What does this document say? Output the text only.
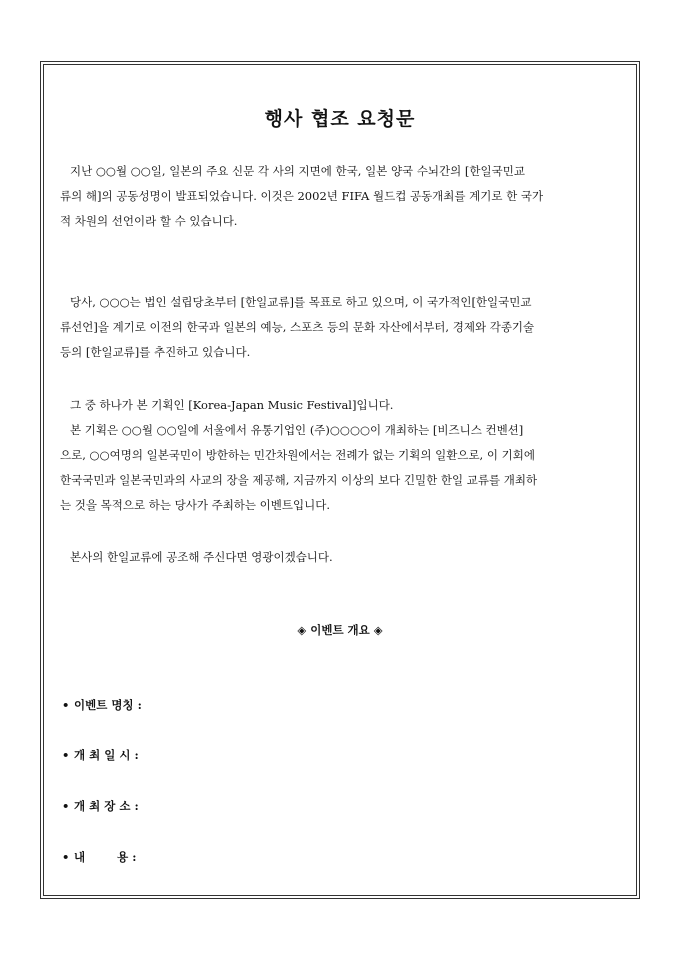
행사 협조 요청문

지난 ○○월 ○○일, 일본의 주요 신문 각 사의 지면에 한국, 일본 양국 수뇌간의 [한일국민교
류의 해]의 공동성명이 발표되었습니다. 이것은 2002년 FIFA 월드컵 공동개최를 계기로 한 국가
적 차원의 선언이라 할 수 있습니다.

당사, ○○○는 법인 설립당초부터 [한일교류]를 목표로 하고 있으며, 이 국가적인[한일국민교
류선언]을 계기로 이전의 한국과 일본의 예능, 스포츠 등의 문화 자산에서부터, 경제와 각종기술
등의 [한일교류]를 추진하고 있습니다.

그 중 하나가 본 기획인 [Korea-Japan Music Festival]입니다.
본 기획은 ○○월 ○○일에 서울에서 유통기업인 (주)○○○○이 개최하는 [비즈니스 컨벤션]
으로, ○○여명의 일본국민이 방한하는 민간차원에서는 전례가 없는 기획의 일환으로, 이 기회에
한국국민과 일본국민과의 사교의 장을 제공해, 지금까지 이상의 보다 긴밀한 한일 교류를 개최하
는 것을 목적으로 하는 당사가 주최하는 이벤트입니다.

본사의 한일교류에 공조해 주신다면 영광이겠습니다.

◈ 이벤트 개요 ◈

• 이벤트 명칭 :

• 개 최 일 시 :

• 개 최 장 소 :

• 내        용 :
